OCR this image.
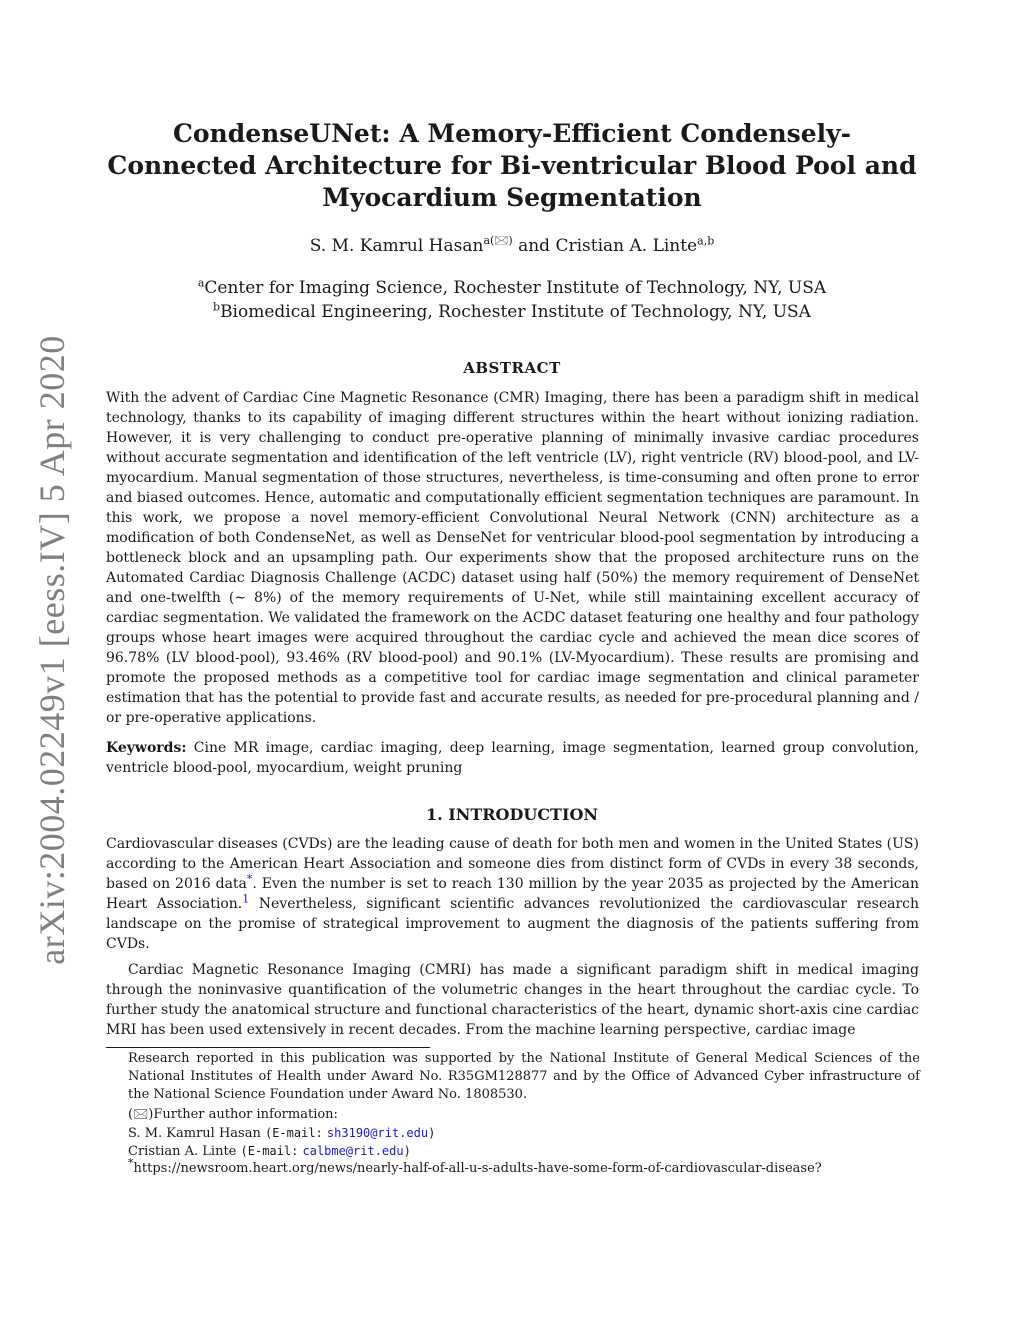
arXiv:2004.02249v1 [eess.IV] 5 Apr 2020
CondenseUNet: A Memory-Efficient Condensely-Connected Architecture for Bi-ventricular Blood Pool and Myocardium Segmentation
S. M. Kamrul Hasan$^{a(🖂)}$ and Cristian A. Linte$^{a,b}$
$^a$Center for Imaging Science, Rochester Institute of Technology, NY, USA
$^b$Biomedical Engineering, Rochester Institute of Technology, NY, USA
ABSTRACT

With the advent of Cardiac Cine Magnetic Resonance (CMR) Imaging, there has been a paradigm shift in medical technology, thanks to its capability of imaging different structures within the heart without ionizing radiation. However, it is very challenging to conduct pre-operative planning of minimally invasive cardiac procedures without accurate segmentation and identification of the left ventricle (LV), right ventricle (RV) blood-pool, and LV-myocardium. Manual segmentation of those structures, nevertheless, is time-consuming and often prone to error and biased outcomes. Hence, automatic and computationally efficient segmentation techniques are paramount. In this work, we propose a novel memory-efficient Convolutional Neural Network (CNN) architecture as a modification of both CondenseNet, as well as DenseNet for ventricular blood-pool segmentation by introducing a bottleneck block and an upsampling path. Our experiments show that the proposed architecture runs on the Automated Cardiac Diagnosis Challenge (ACDC) dataset using half (50%) the memory requirement of DenseNet and one-twelfth (∼ 8%) of the memory requirements of U-Net, while still maintaining excellent accuracy of cardiac segmentation. We validated the framework on the ACDC dataset featuring one healthy and four pathology groups whose heart images were acquired throughout the cardiac cycle and achieved the mean dice scores of 96.78% (LV blood-pool), 93.46% (RV blood-pool) and 90.1% (LV-Myocardium). These results are promising and promote the proposed methods as a competitive tool for cardiac image segmentation and clinical parameter estimation that has the potential to provide fast and accurate results, as needed for pre-procedural planning and / or pre-operative applications.

Keywords: Cine MR image, cardiac imaging, deep learning, image segmentation, learned group convolution, ventricle blood-pool, myocardium, weight pruning

1. INTRODUCTION

Cardiovascular diseases (CVDs) are the leading cause of death for both men and women in the United States (US) according to the American Heart Association and someone dies from distinct form of CVDs in every 38 seconds, based on 2016 data*. Even the number is set to reach 130 million by the year 2035 as projected by the American Heart Association.$^1$ Nevertheless, significant scientific advances revolutionized the cardiovascular research landscape on the promise of strategical improvement to augment the diagnosis of the patients suffering from CVDs.

Cardiac Magnetic Resonance Imaging (CMRI) has made a significant paradigm shift in medical imaging through the noninvasive quantification of the volumetric changes in the heart throughout the cardiac cycle. To further study the anatomical structure and functional characteristics of the heart, dynamic short-axis cine cardiac MRI has been used extensively in recent decades. From the machine learning perspective, cardiac image

Research reported in this publication was supported by the National Institute of General Medical Sciences of the National Institutes of Health under Award No. R35GM128877 and by the Office of Advanced Cyber infrastructure of the National Science Foundation under Award No. 1808530.

(🖂)Further author information:
S. M. Kamrul Hasan (E-mail: sh3190@rit.edu)
Cristian A. Linte (E-mail: calbme@rit.edu)
*https://newsroom.heart.org/news/nearly-half-of-all-u-s-adults-have-some-form-of-cardiovascular-disease?
